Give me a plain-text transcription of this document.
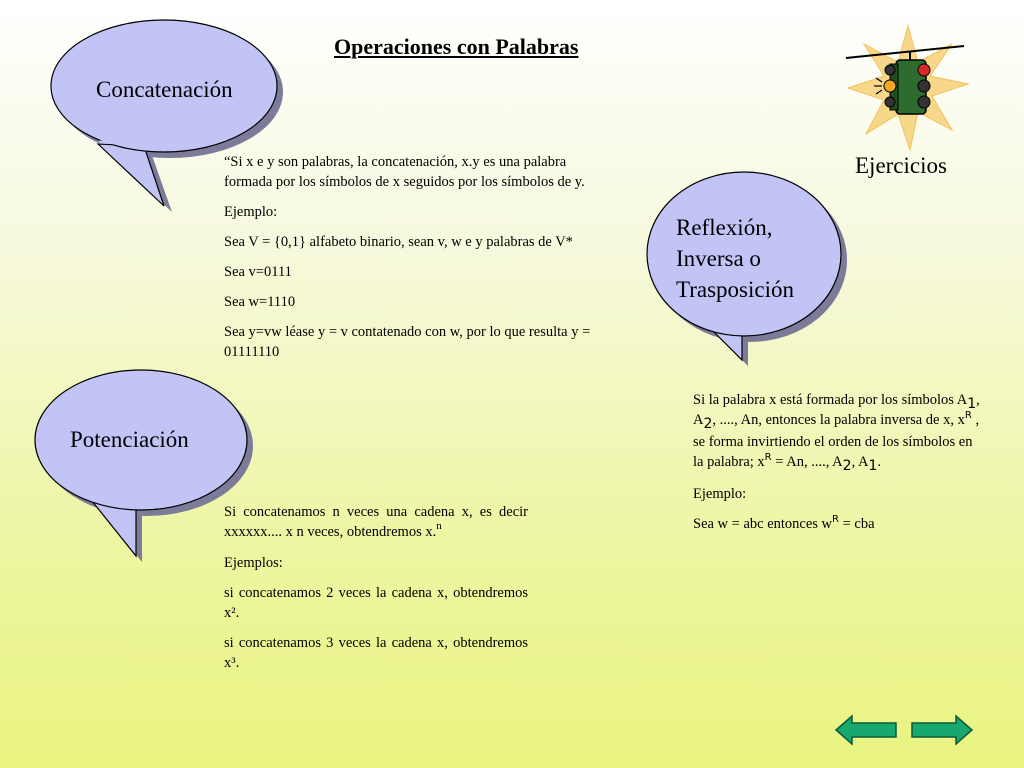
Operaciones con Palabras
Concatenación
Reflexión,
Inversa o
Trasposición
Potenciación
Ejercicios

“Si x e y son palabras, la concatenación, x.y es una palabra formada por los símbolos de x seguidos por los símbolos de y.

Ejemplo:

Sea V = {0,1} alfabeto binario, sean v, w e y palabras de V*

Sea v=0111

Sea w=1110

Sea y=vw léase y = v contatenado con w, por lo que resulta y = 01111110

Si concatenamos n veces una cadena x, es decir xxxxxx.... x n veces, obtendremos x.$^n$

Ejemplos:

si concatenamos 2 veces la cadena x, obtendremos x².

si concatenamos 3 veces la cadena x, obtendremos x³.

Si la palabra x está formada por los símbolos A1, A2, ...., An, entonces la palabra inversa de x, $x^R$ , se forma invirtiendo el orden de los símbolos en la palabra; $x^R = An$, ...., A2, A1.

Ejemplo:

Sea w = abc entonces $w^R$ = cba
